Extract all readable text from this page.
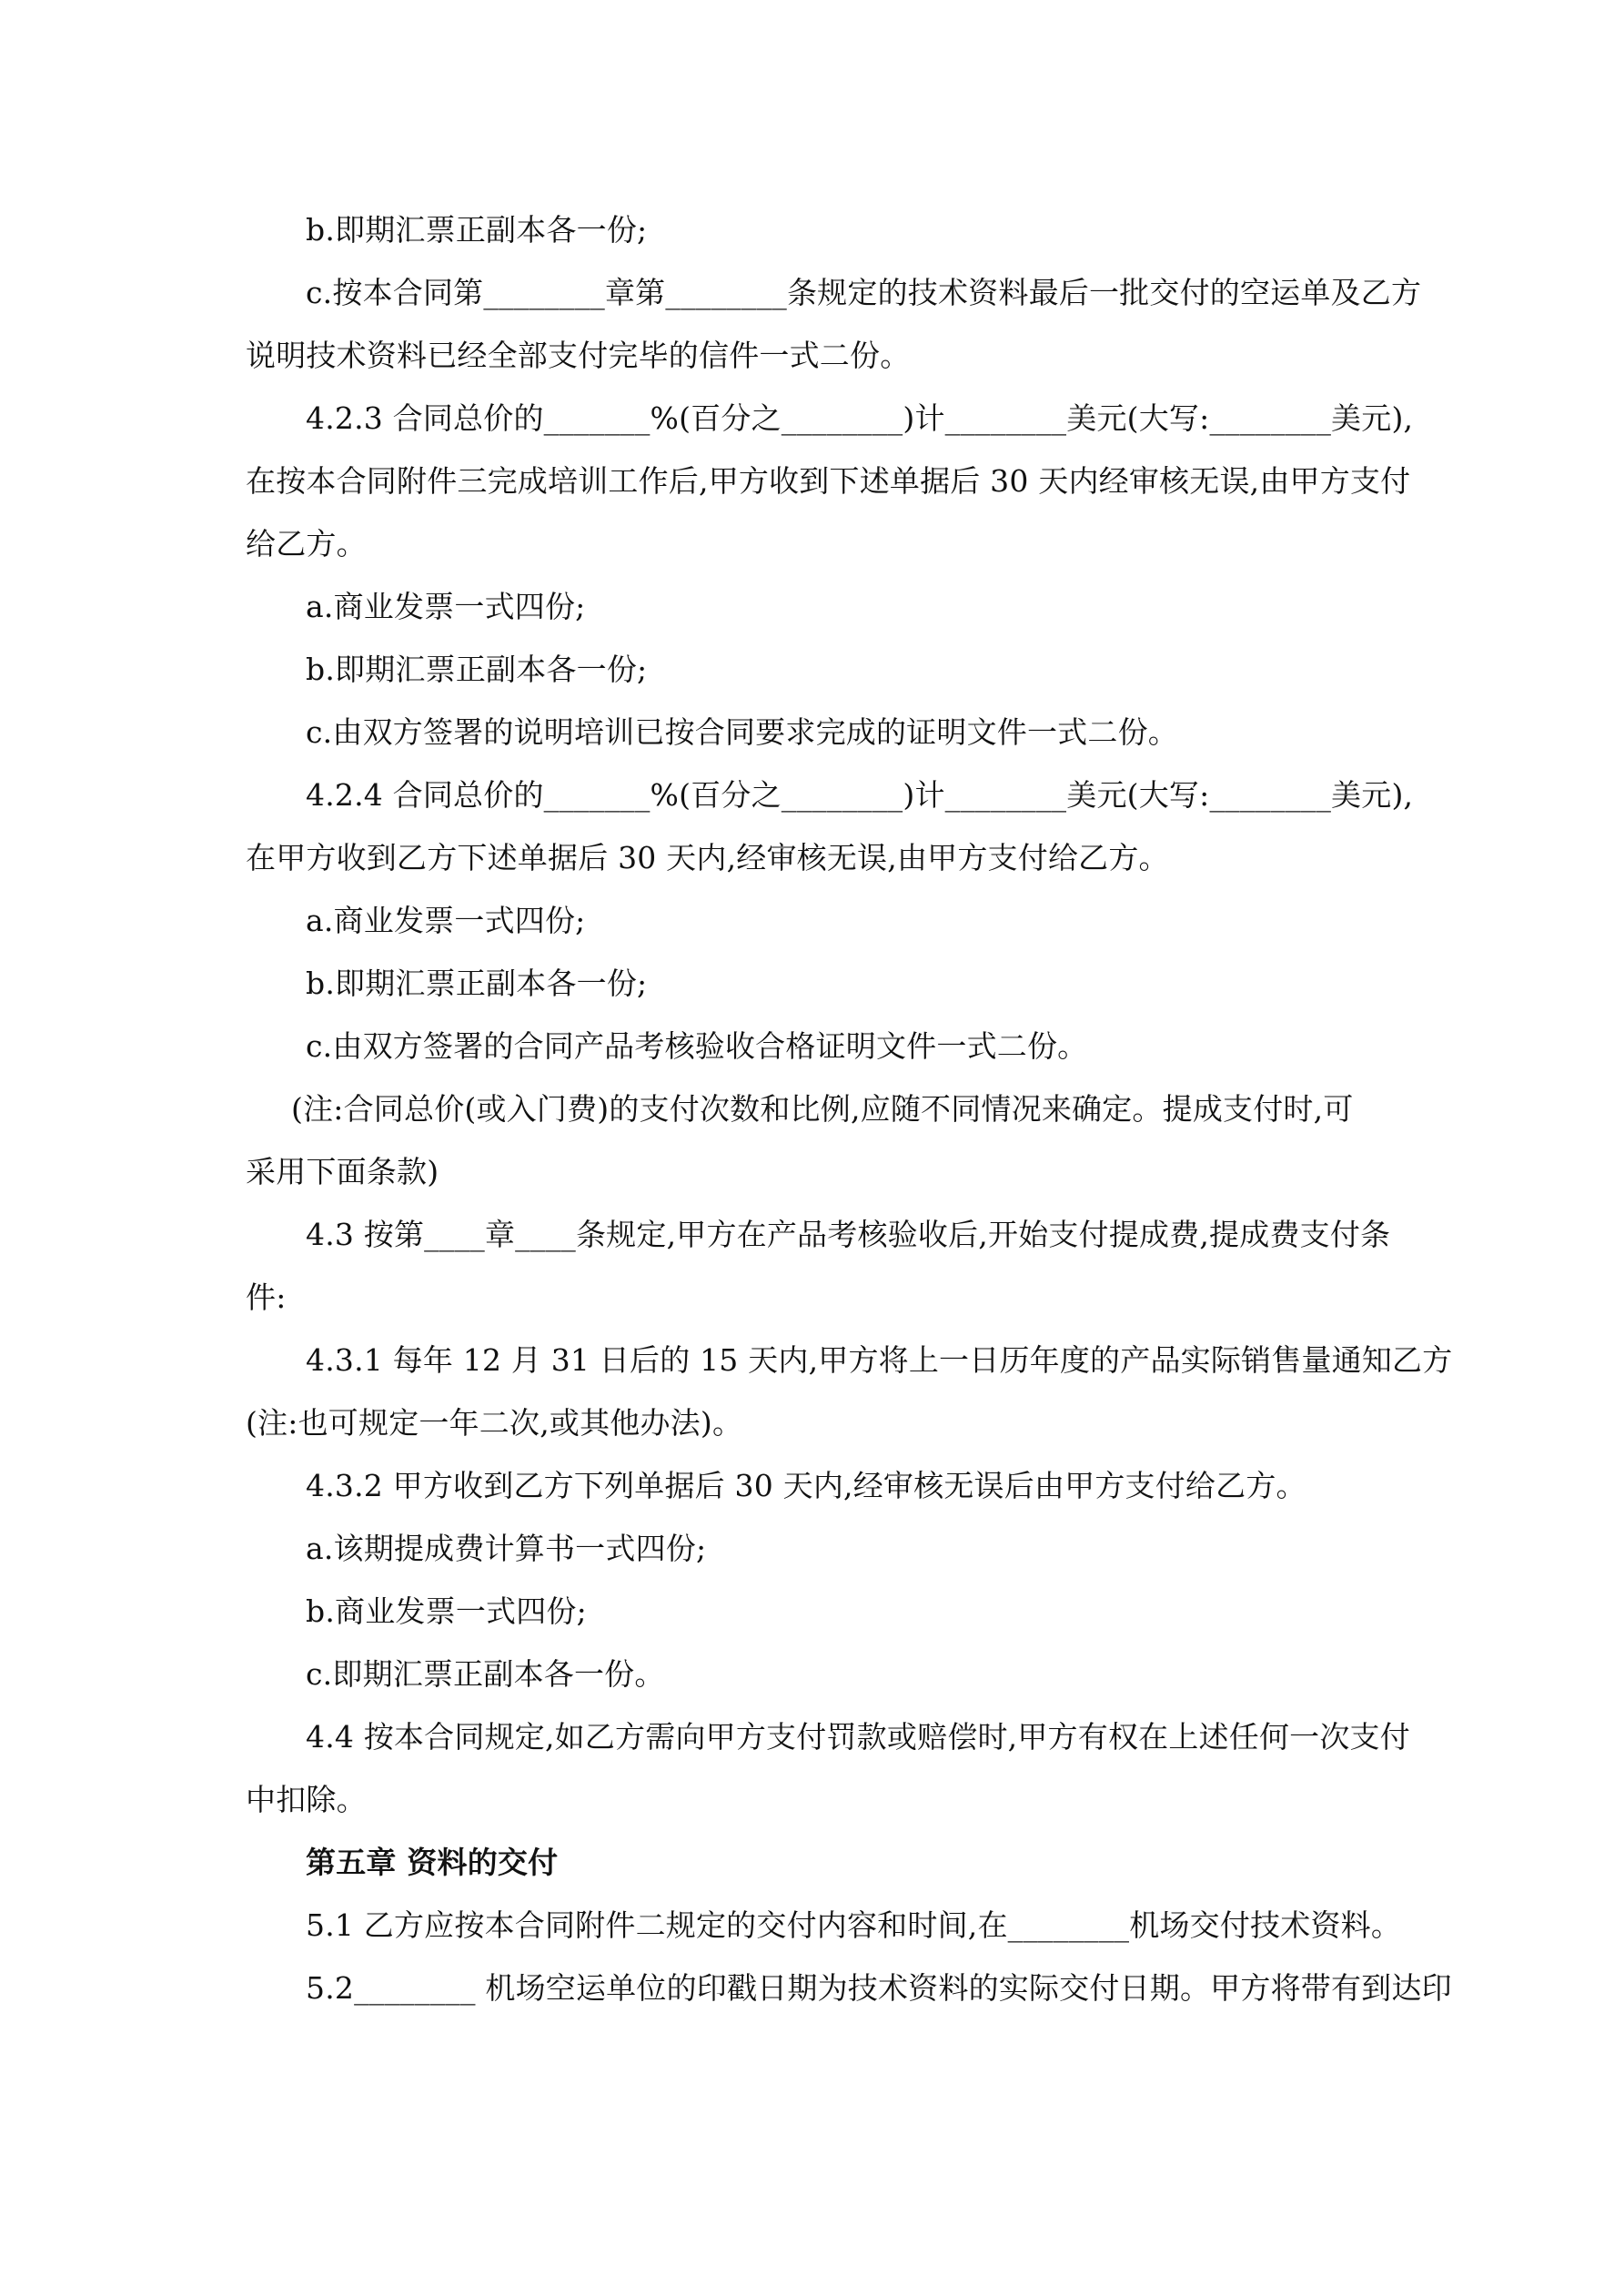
b.即期汇票正副本各一份;

c.按本合同第________章第________条规定的技术资料最后一批交付的空运单及乙方

说明技术资料已经全部支付完毕的信件一式二份。

4.2.3 合同总价的_______%(百分之________)计________美元(大写:________美元),

在按本合同附件三完成培训工作后,甲方收到下述单据后 30 天内经审核无误,由甲方支付

给乙方。

a.商业发票一式四份;

b.即期汇票正副本各一份;

c.由双方签署的说明培训已按合同要求完成的证明文件一式二份。

4.2.4 合同总价的_______%(百分之________)计________美元(大写:________美元),

在甲方收到乙方下述单据后 30 天内,经审核无误,由甲方支付给乙方。

a.商业发票一式四份;

b.即期汇票正副本各一份;

c.由双方签署的合同产品考核验收合格证明文件一式二份。

(注:合同总价(或入门费)的支付次数和比例,应随不同情况来确定。提成支付时,可

采用下面条款)

4.3 按第____章____条规定,甲方在产品考核验收后,开始支付提成费,提成费支付条

件:

4.3.1 每年 12 月 31 日后的 15 天内,甲方将上一日历年度的产品实际销售量通知乙方

(注:也可规定一年二次,或其他办法)。

4.3.2 甲方收到乙方下列单据后 30 天内,经审核无误后由甲方支付给乙方。

a.该期提成费计算书一式四份;

b.商业发票一式四份;

c.即期汇票正副本各一份。

4.4 按本合同规定,如乙方需向甲方支付罚款或赔偿时,甲方有权在上述任何一次支付

中扣除。

第五章 资料的交付

5.1 乙方应按本合同附件二规定的交付内容和时间,在________机场交付技术资料。

5.2________ 机场空运单位的印戳日期为技术资料的实际交付日期。甲方将带有到达印
